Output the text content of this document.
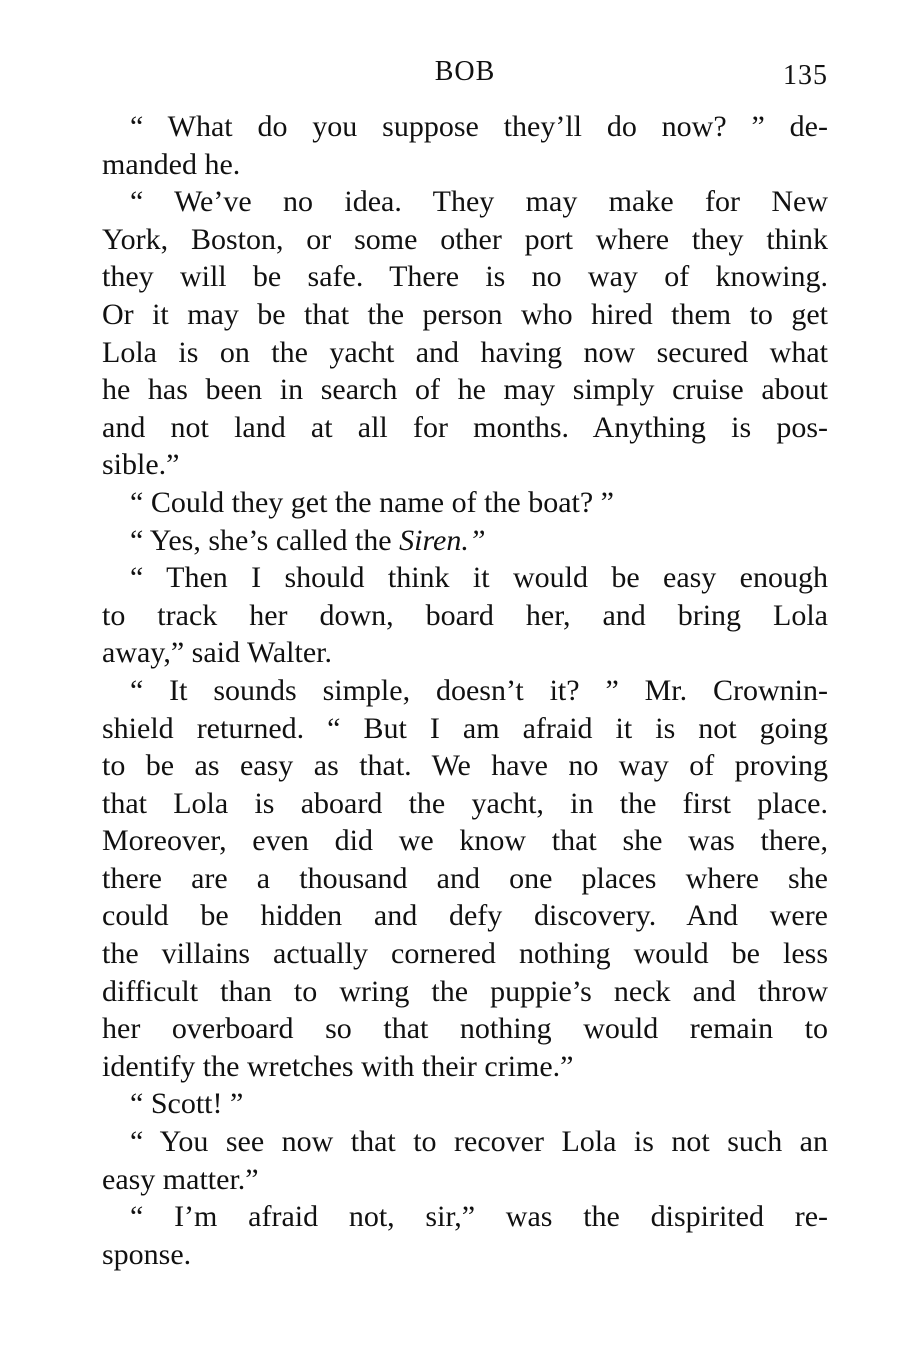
BOB	135
“ What do you suppose they’ll do now? ” de-
manded he.
“ We’ve no idea. They may make for New
York, Boston, or some other port where they think
they will be safe. There is no way of knowing.
Or it may be that the person who hired them to get
Lola is on the yacht and having now secured what
he has been in search of he may simply cruise about
and not land at all for months. Anything is pos-
sible.”
“ Could they get the name of the boat? ”
“ Yes, she’s called the Siren.”
“ Then I should think it would be easy enough
to track her down, board her, and bring Lola
away,” said Walter.
“ It sounds simple, doesn’t it? ” Mr. Crownin-
shield returned. “ But I am afraid it is not going
to be as easy as that. We have no way of proving
that Lola is aboard the yacht, in the first place.
Moreover, even did we know that she was there,
there are a thousand and one places where she
could be hidden and defy discovery. And were
the villains actually cornered nothing would be less
difficult than to wring the puppie’s neck and throw
her overboard so that nothing would remain to
identify the wretches with their crime.”
“ Scott! ”
“ You see now that to recover Lola is not such an
easy matter.”
“ I’m afraid not, sir,” was the dispirited re-
sponse.
